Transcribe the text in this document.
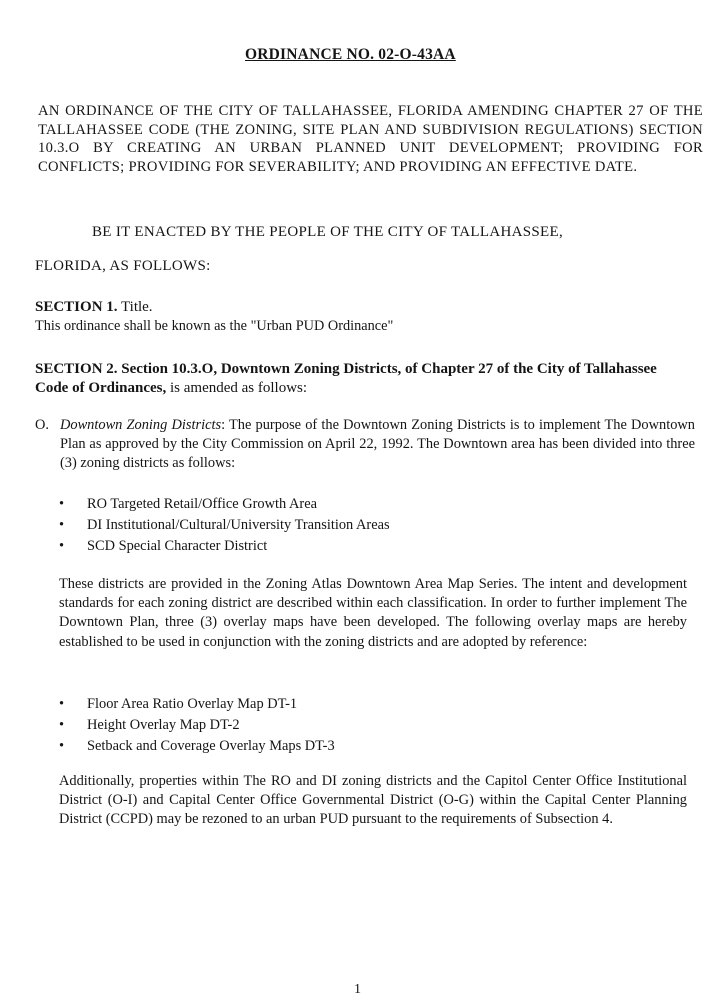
ORDINANCE NO. 02-O-43AA
AN ORDINANCE OF THE CITY OF TALLAHASSEE, FLORIDA AMENDING CHAPTER 27 OF THE TALLAHASSEE CODE (THE ZONING, SITE PLAN AND SUBDIVISION REGULATIONS) SECTION 10.3.O BY CREATING AN URBAN PLANNED UNIT DEVELOPMENT; PROVIDING FOR CONFLICTS; PROVIDING FOR SEVERABILITY; AND PROVIDING AN EFFECTIVE DATE.
BE IT ENACTED BY THE PEOPLE OF THE CITY OF TALLAHASSEE,
FLORIDA, AS FOLLOWS:
SECTION 1. Title.
This ordinance shall be known as the "Urban PUD Ordinance"
SECTION 2. Section 10.3.O, Downtown Zoning Districts, of Chapter 27 of the City of Tallahassee Code of Ordinances, is amended as follows:
O. Downtown Zoning Districts: The purpose of the Downtown Zoning Districts is to implement The Downtown Plan as approved by the City Commission on April 22, 1992. The Downtown area has been divided into three (3) zoning districts as follows:
• RO Targeted Retail/Office Growth Area
• DI Institutional/Cultural/University Transition Areas
• SCD Special Character District
These districts are provided in the Zoning Atlas Downtown Area Map Series. The intent and development standards for each zoning district are described within each classification. In order to further implement The Downtown Plan, three (3) overlay maps have been developed. The following overlay maps are hereby established to be used in conjunction with the zoning districts and are adopted by reference:
• Floor Area Ratio Overlay Map DT-1
• Height Overlay Map DT-2
• Setback and Coverage Overlay Maps DT-3
Additionally, properties within The RO and DI zoning districts and the Capitol Center Office Institutional District (O-I) and Capital Center Office Governmental District (O-G) within the Capital Center Planning District (CCPD) may be rezoned to an urban PUD pursuant to the requirements of Subsection 4.
1
